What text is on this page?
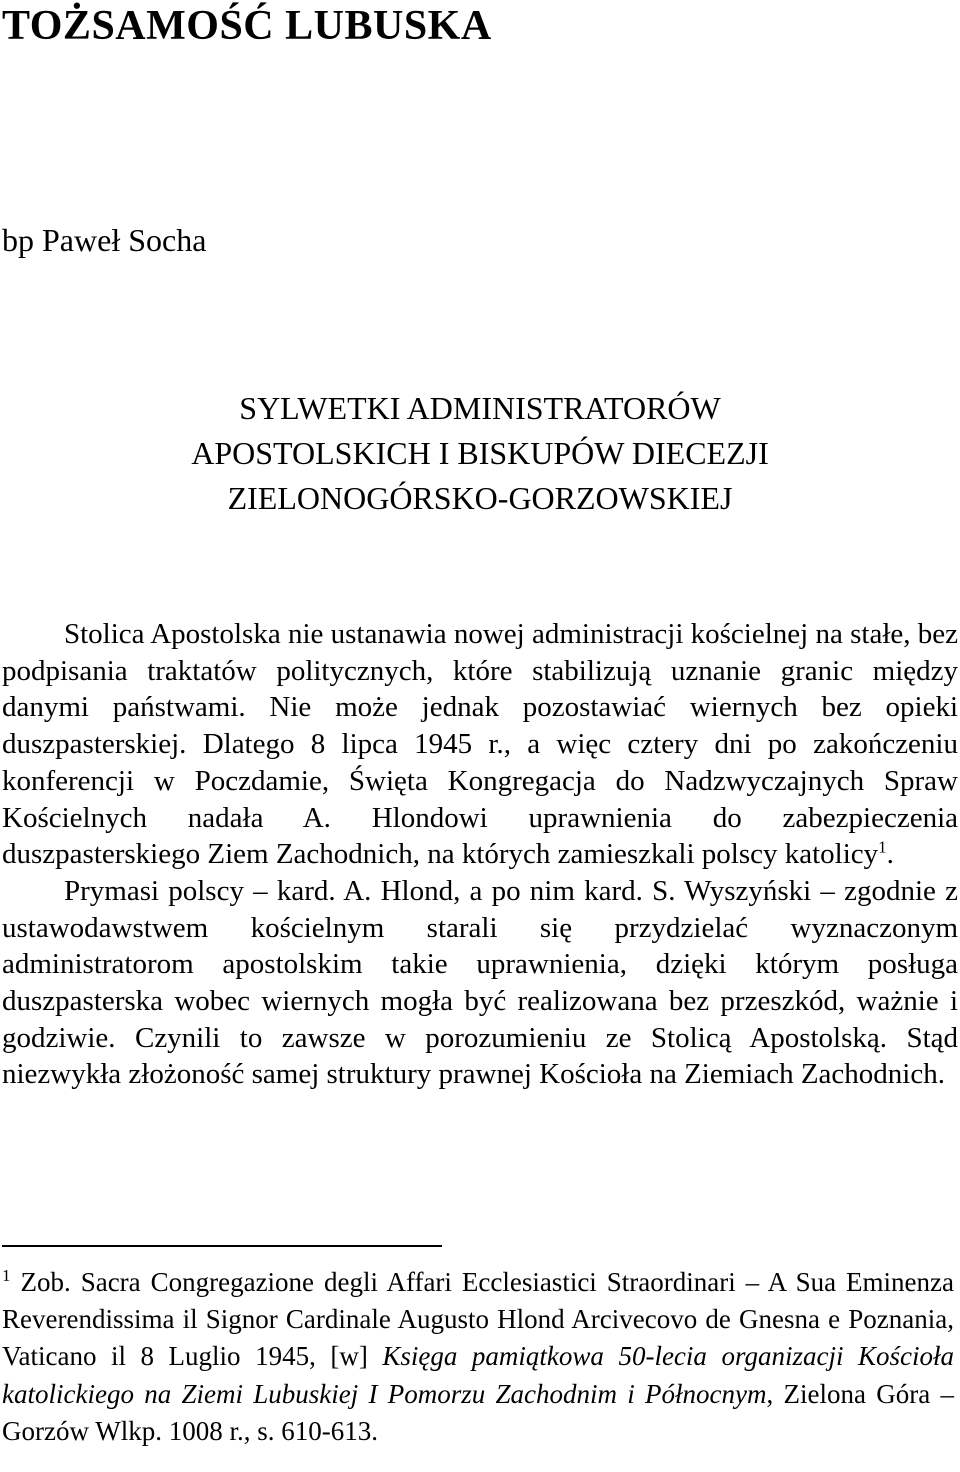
TOŻSAMOŚĆ LUBUSKA
bp Paweł Socha
SYLWETKI ADMINISTRATORÓW
APOSTOLSKICH I BISKUPÓW DIECEZJI
ZIELONOGÓRSKO-GORZOWSKIEJ

Stolica Apostolska nie ustanawia nowej administracji kościelnej na stałe, bez podpisania traktatów politycznych, które stabilizują uznanie granic między danymi państwami. Nie może jednak pozostawiać wiernych bez opieki duszpasterskiej. Dlatego 8 lipca 1945 r., a więc cztery dni po zakończeniu konferencji w Poczdamie, Święta Kongregacja do Nadzwyczajnych Spraw Kościelnych nadała A. Hlondowi uprawnienia do zabezpieczenia duszpasterskiego Ziem Zachodnich, na których zamieszkali polscy katolicy$^1$.

Prymasi polscy – kard. A. Hlond, a po nim kard. S. Wyszyński – zgodnie z ustawodawstwem kościelnym starali się przydzielać wyznaczonym administratorom apostolskim takie uprawnienia, dzięki którym posługa duszpasterska wobec wiernych mogła być realizowana bez przeszkód, ważnie i godziwie. Czynili to zawsze w porozumieniu ze Stolicą Apostolską. Stąd niezwykła złożoność samej struktury prawnej Kościoła na Ziemiach Zachodnich.

$^1$ Zob. Sacra Congregazione degli Affari Ecclesiastici Straordinari – A Sua Eminenza Reverendissima il Signor Cardinale Augusto Hlond Arcivecovo de Gnesna e Poznania, Vaticano il 8 Luglio 1945, [w] Księga pamiątkowa 50-lecia organizacji Kościoła katolickiego na Ziemi Lubuskiej I Pomorzu Zachodnim i Północnym, Zielona Góra – Gorzów Wlkp. 1008 r., s. 610-613.
